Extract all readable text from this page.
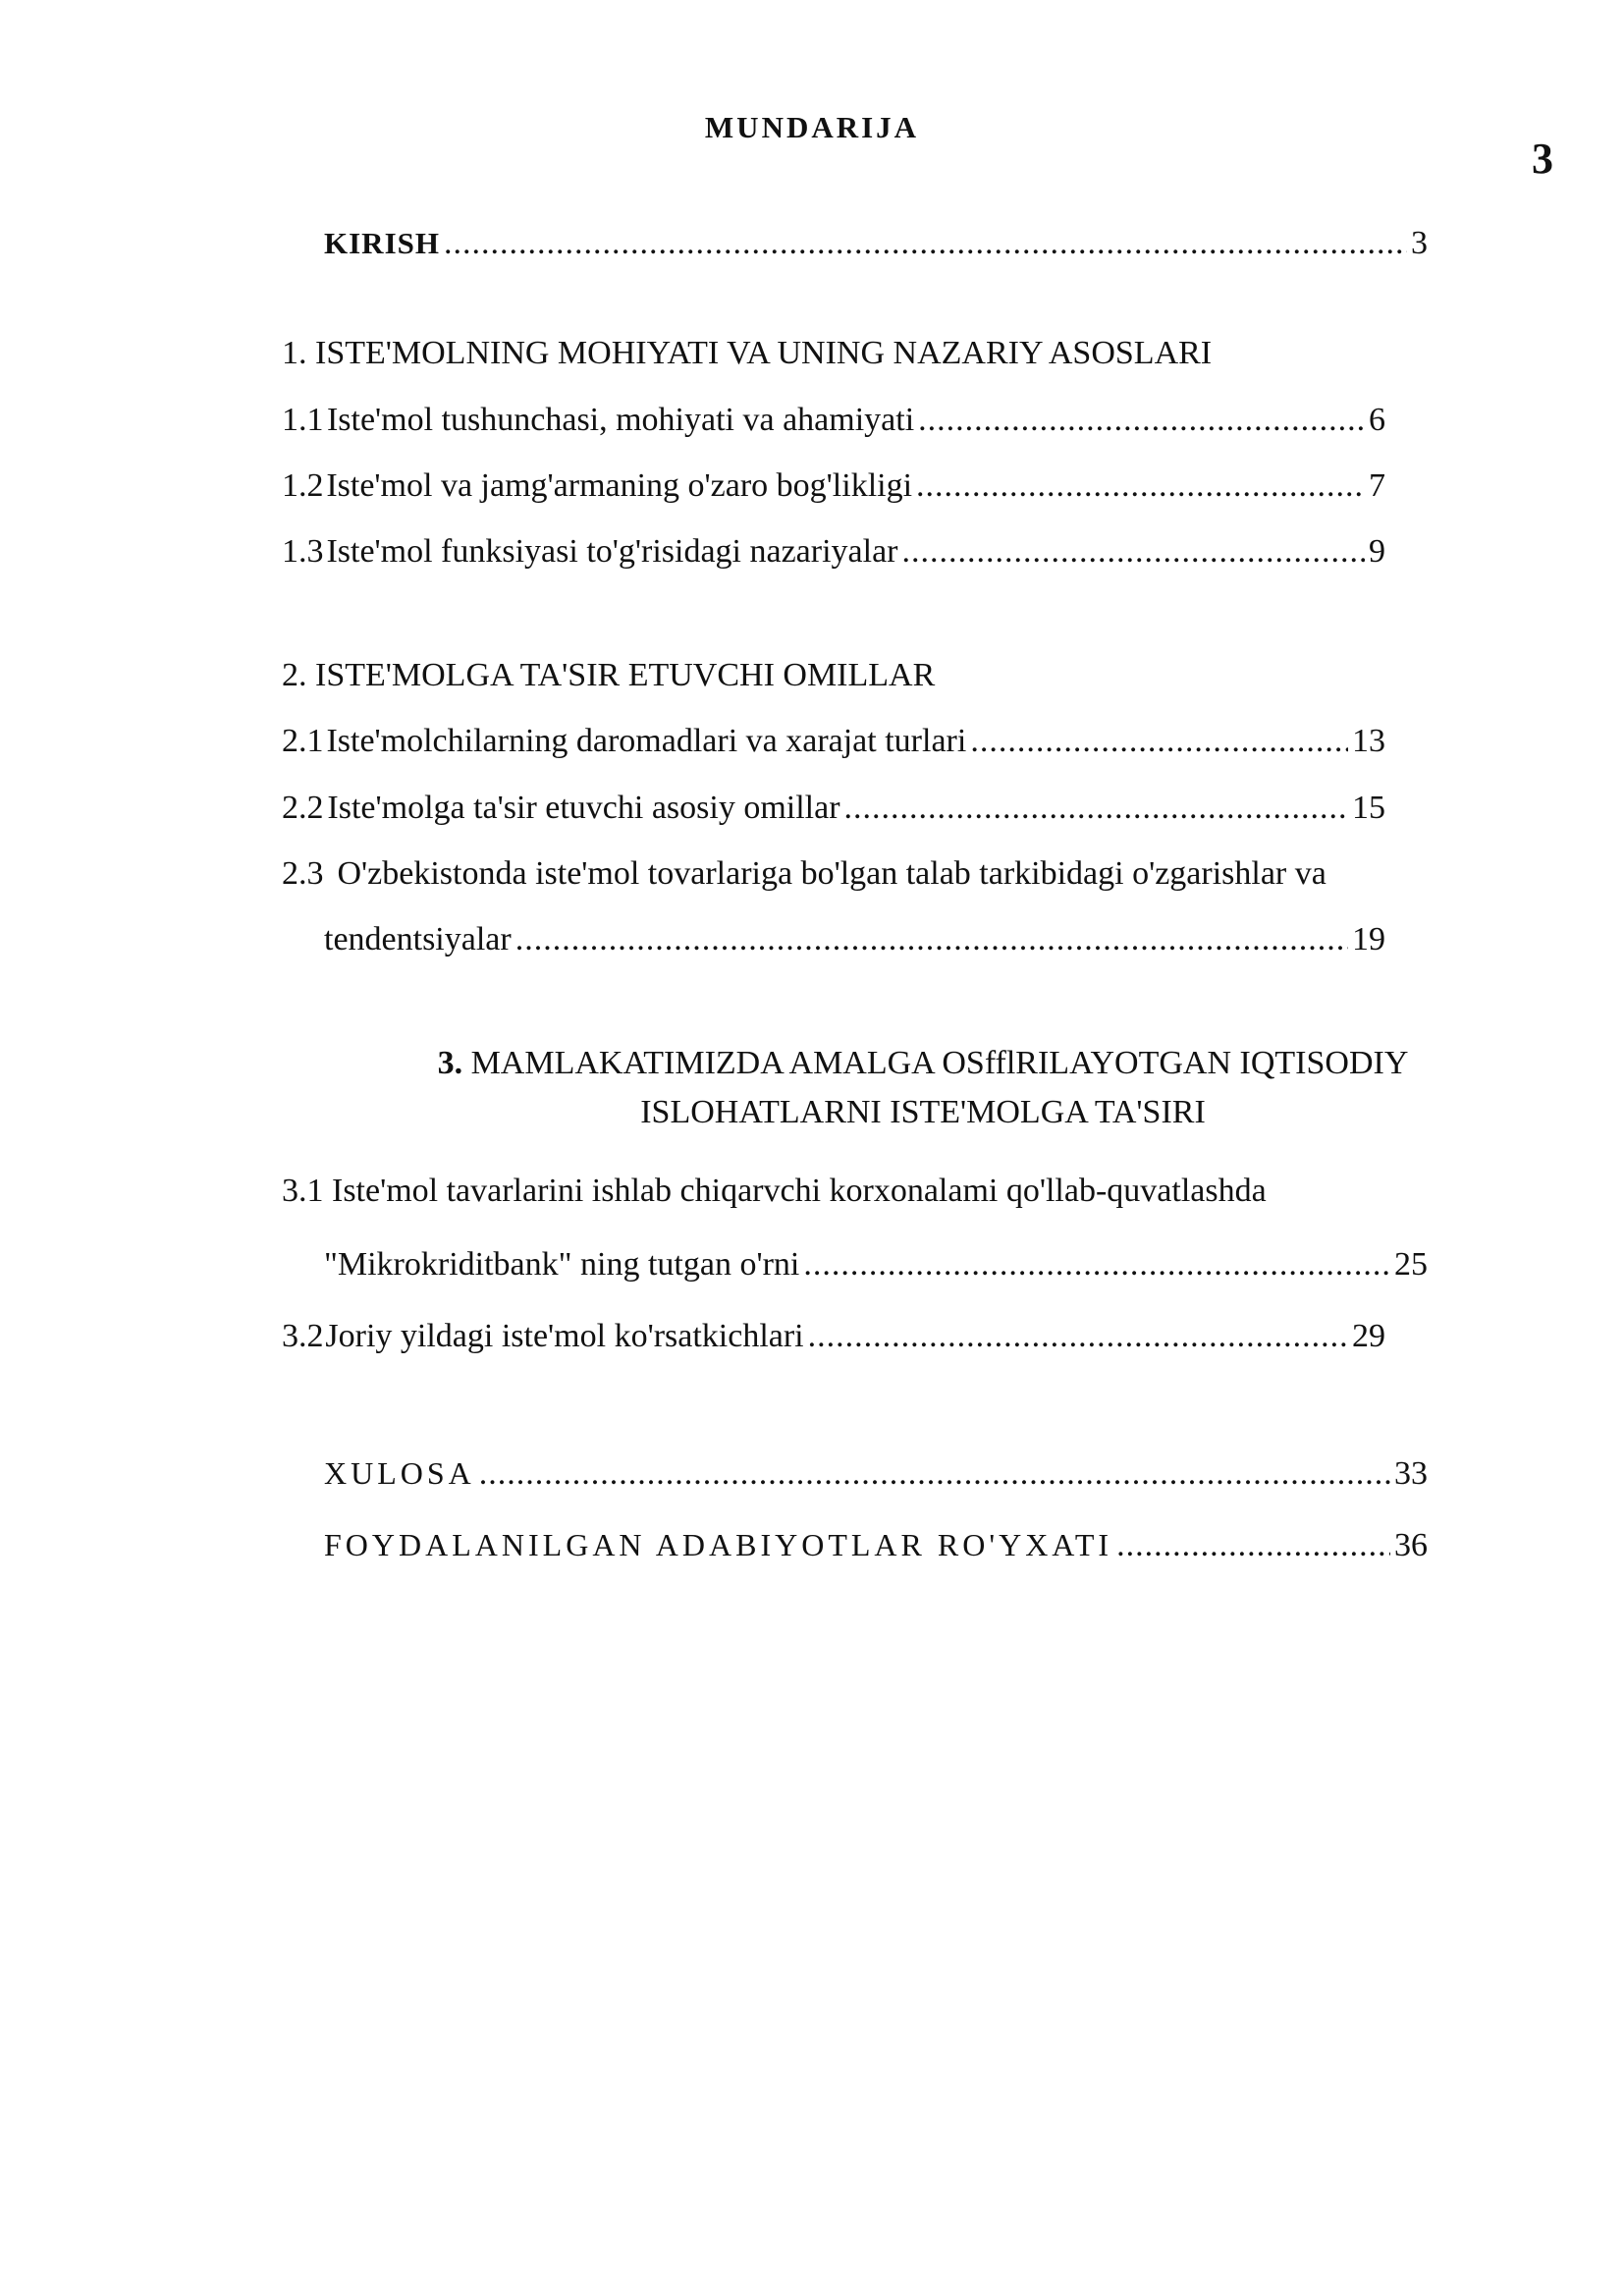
MUNDARIJA
3
KIRISH .....	3
1. ISTE'MOLNING MOHIYATI VA UNING NAZARIY ASOSLARI
1.1 Iste'mol tushunchasi, mohiyati va ahamiyati .....	6
1.2 Iste'mol va jamg'armaning o'zaro bog'likligi .....	7
1.3 Iste'mol funksiyasi to'g'risidagi nazariyalar .....	9
2. ISTE'MOLGA TA'SIR ETUVCHI OMILLAR
2.1 Iste'molchilarning daromadlari va xarajat turlari .....	13
2.2 Iste'molga ta'sir etuvchi asosiy omillar .....	15
2.3 O'zbekistonda iste'mol tovarlariga bo'lgan talab tarkibidagi o'zgarishlar va
tendentsiyalar .....	19
3. MAMLAKATIMIZDA AMALGA OSfflRILAYOTGAN IQTISODIY
ISLOHATLARNI ISTE'MOLGA TA'SIRI
3.1 Iste'mol tavarlarini ishlab chiqarvchi korxonalami qo'llab-quvatlashda
"Mikrokriditbank" ning tutgan o'rni .....	25
3.2 Joriy yildagi iste'mol ko'rsatkichlari .....	29
XULOSA .....	33
FOYDALANILGAN ADABIYOTLAR RO'YXATI .....	36
